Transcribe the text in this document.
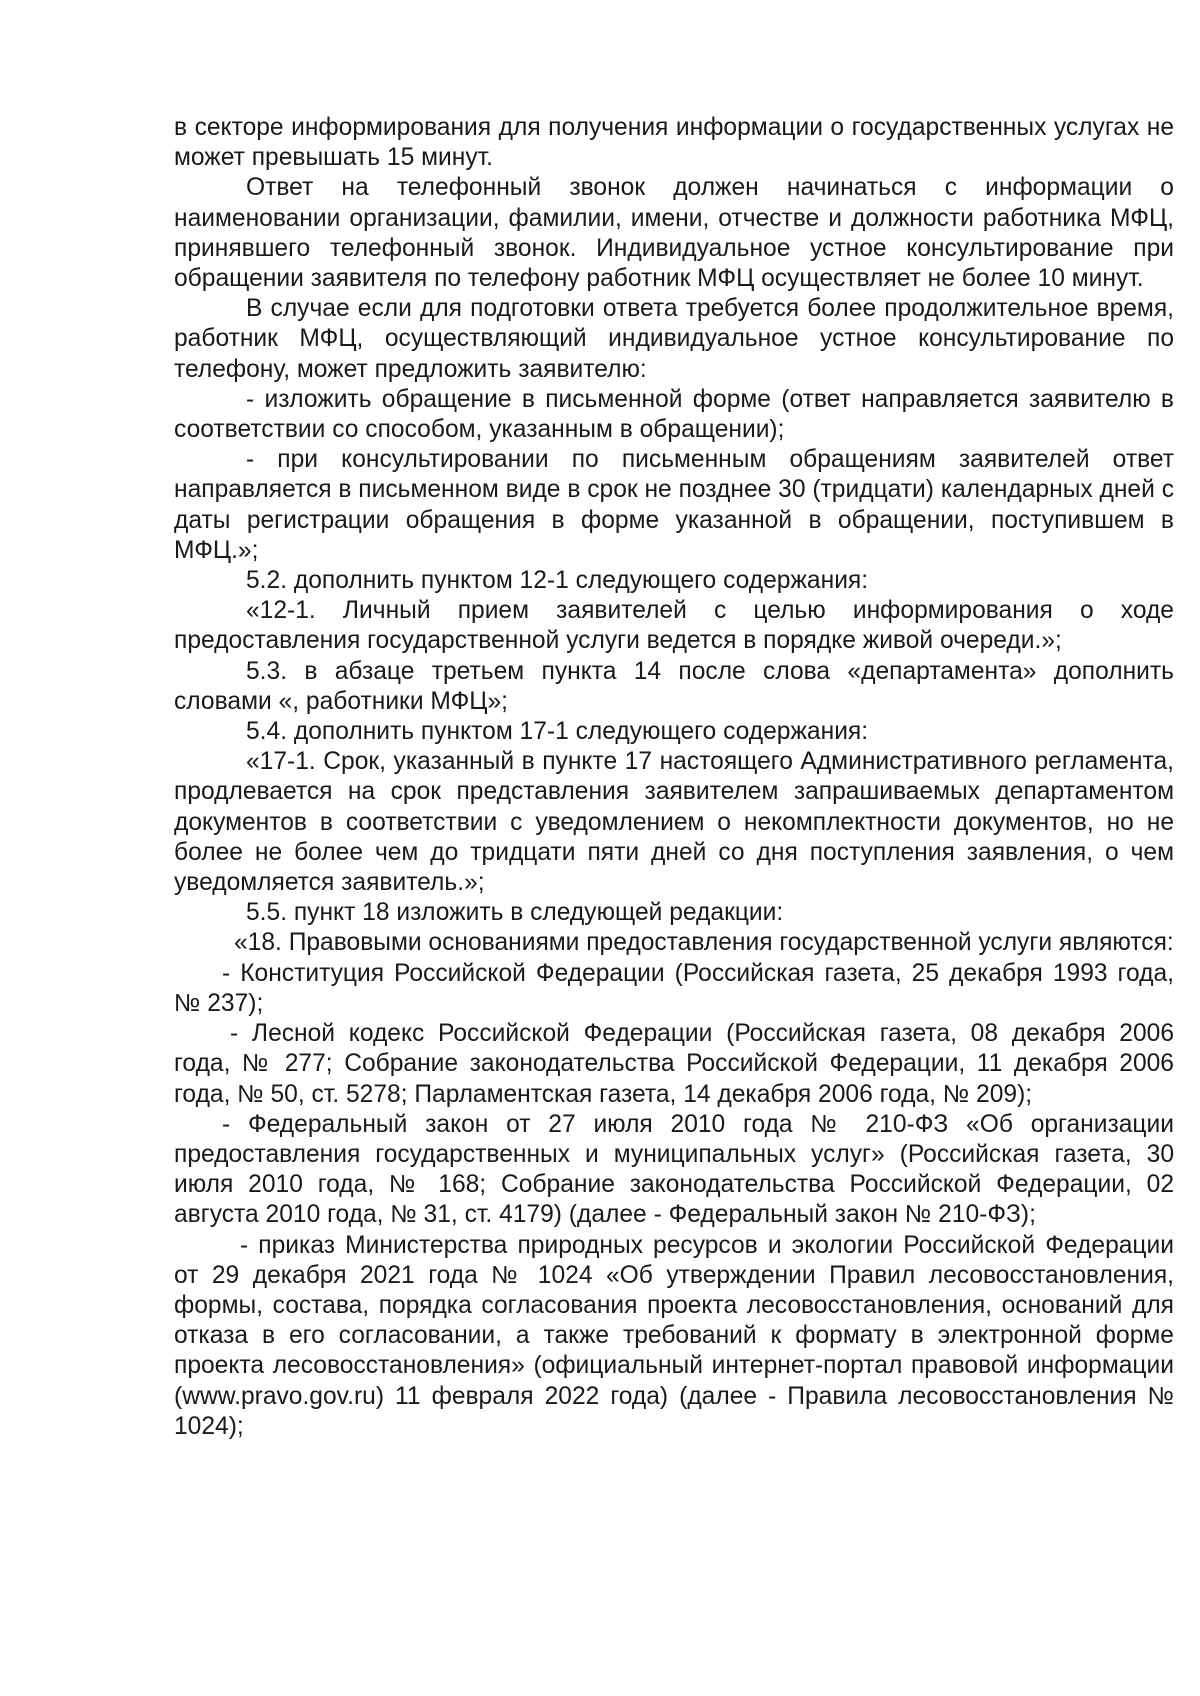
в секторе информирования для получения информации о государственных услугах не может превышать 15 минут.

Ответ на телефонный звонок должен начинаться с информации о наименовании организации, фамилии, имени, отчестве и должности работника МФЦ, принявшего телефонный звонок. Индивидуальное устное консультирование при обращении заявителя по телефону работник МФЦ осуществляет не более 10 минут.

В случае если для подготовки ответа требуется более продолжительное время, работник МФЦ, осуществляющий индивидуальное устное консультирование по телефону, может предложить заявителю:

- изложить обращение в письменной форме (ответ направляется заявителю в соответствии со способом, указанным в обращении);

- при консультировании по письменным обращениям заявителей ответ направляется в письменном виде в срок не позднее 30 (тридцати) календарных дней с даты регистрации обращения в форме указанной в обращении, поступившем в МФЦ.»;

5.2. дополнить пунктом 12-1 следующего содержания:

«12-1. Личный прием заявителей с целью информирования о ходе предоставления государственной услуги ведется в порядке живой очереди.»;

5.3. в абзаце третьем пункта 14 после слова «департамента» дополнить словами «, работники МФЦ»;

5.4. дополнить пунктом 17-1 следующего содержания:

«17-1. Срок, указанный в пункте 17 настоящего Административного регламента, продлевается на срок представления заявителем запрашиваемых департаментом документов в соответствии с уведомлением о некомплектности документов, но не более не более чем до тридцати пяти дней со дня поступления заявления, о чем уведомляется заявитель.»;

5.5. пункт 18 изложить в следующей редакции:

«18. Правовыми основаниями предоставления государственной услуги являются:

- Конституция Российской Федерации (Российская газета, 25 декабря 1993 года, № 237);

- Лесной кодекс Российской Федерации (Российская газета, 08 декабря 2006 года, № 277; Собрание законодательства Российской Федерации, 11 декабря 2006 года, № 50, ст. 5278; Парламентская газета, 14 декабря 2006 года, № 209);

- Федеральный закон от 27 июля 2010 года № 210-ФЗ «Об организации предоставления государственных и муниципальных услуг» (Российская газета, 30 июля 2010 года, № 168; Собрание законодательства Российской Федерации, 02 августа 2010 года, № 31, ст. 4179) (далее - Федеральный закон № 210-ФЗ);

- приказ Министерства природных ресурсов и экологии Российской Федерации от 29 декабря 2021 года № 1024 «Об утверждении Правил лесовосстановления, формы, состава, порядка согласования проекта лесовосстановления, оснований для отказа в его согласовании, а также требований к формату в электронной форме проекта лесовосстановления» (официальный интернет-портал правовой информации (www.pravo.gov.ru) 11 февраля 2022 года) (далее - Правила лесовосстановления № 1024);
